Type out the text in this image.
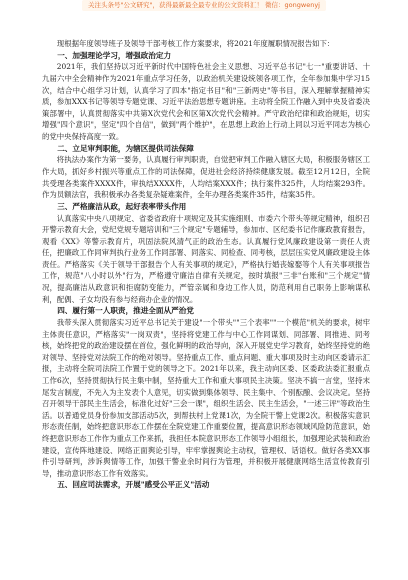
关注头条号"公文研究"，获得最新最全最专业的公文资料汇！ 微信：gongwenyj

现根据年度领导班子及领导干部考核工作方案要求，将2021年度履职情况报告如下：

一、加强理论学习，增强政治定力

2021年，我们坚持以习近平新时代中国特色社会主义思想、习近平总书记"七一"重要讲话、十九届六中全会精神作为2021年重点学习任务，以政治机关建设统领各项工作，全年参加集中学习15次，结合中心组学习计划，认真学习了四本"指定书目"和"三新两史"等书目，深入理解掌握精神实质，参加XXX书记等领导专题党课、习近平法治思想专题讲座。主动将全院工作融入到中央及省委决策部署中，认真贯彻落实中共第X次党代会和区第X次党代会精神。严守政治纪律和政治规矩，切实增强"四个意识"，坚定"四个自信"，做到"两个维护"，在思想上政治上行动上同以习近平同志为核心的党中央保持高度一致。

二、立足审判职能，为辖区提供司法保障

将执法办案作为第一要务，认真履行审判职责，自觉把审判工作融入辖区大局，积极服务辖区工作大局，抓好乡村振兴等重点工作的司法保障，促进社会经济持续健康发展。截至12月12日，全院共受理各类案件XXXX件，审执结XXXX件，人均结案XXX件；执行案件325件，人均结案293件。作为员额法官，我积极承办各类复杂疑难案件，全年办理各类案件35件，结案35件。

三、严格廉洁从政，起好表率带头作用

认真落实中央八项规定、省委省政府十项规定及其实施细则、市委六个带头等规定精神，组织召开警示教育大会，党纪党规专题培训和"三个规定"专题辅导，参加市、区纪委书记作廉政教育报告，观看《XX》等警示教育片，巩固法院风清气正的政治生态。认真履行党风廉政建设第一责任人责任，把廉政工作同审判执行业务工作同部署、同落实、同检查、同考核，层层压实党风廉政建设主体责任。严格落实《关于领导干部报告个人有关事项的规定》，严格执行婚丧嫁娶等个人有关事项报告工作，规范"八小时以外"行为，严格遵守廉洁自律有关规定，按时填报"三非"台账和"三个规定"情况，提高廉洁从政意识和拒腐防变能力，严管亲属和身边工作人员，防范利用自己职务上影响谋私利，配偶、子女均没有参与经商办企业的情况。

四、履行第一人职责，推进全面从严治党

我带头深入贯彻落实习近平总书记关于建设"一个带头""三个表率""一个模范"机关的要求，树牢主体责任意识，严格落实"一岗双责"，坚持将党建工作与中心工作同谋划、同部署、同推进、同考核，始终把党的政治建设摆在首位，强化鲜明的政治导向，深入开展党史学习教育，始终坚持党的绝对领导、坚持党对法院工作的绝对领导。坚持重点工作、重点问题、重大事项及时主动向区委请示汇报，主动将全院司法院工作置于党的领导之下。2021年以来，我主动向区委、区委政法委汇报重点工作6次，坚持贯彻执行民主集中制，坚持重大工作和重大事项民主决策。坚决不搞一言堂，坚持末尾发言制度，不先入为主发表个人意见，切实做到集体领导、民主集中、个别酝酿、会议决定。坚持召开领导干部民主生活会，标准化过好"三会一课"，组织生活会、民主生活会，"一述三评"等政治生活。以普通党员身份参加支部活动5次，到帮扶村上党课1次，为全院干警上党课2次。积极落实意识形态责任制，始终把意识形态工作摆在全院党建工作重要位置，提高意识形态领域风险防范意识，始终把意识形态工作作为重点工作来抓，我担任本院意识形态工作领导小组组长，加强理论武装和政治建设，宣传阵地建设、网络正面舆论引导，牢牢掌握舆论主动权，管理权、话语权。做好各类XX事件引导研判，涉诉舆情等工作，加强干警业余时间行为管理，并积极开展健康网络生活宣传教育引导，推动意识形态工作有效落实。

五、回应司法需求，开展"感受公平正义"活动
